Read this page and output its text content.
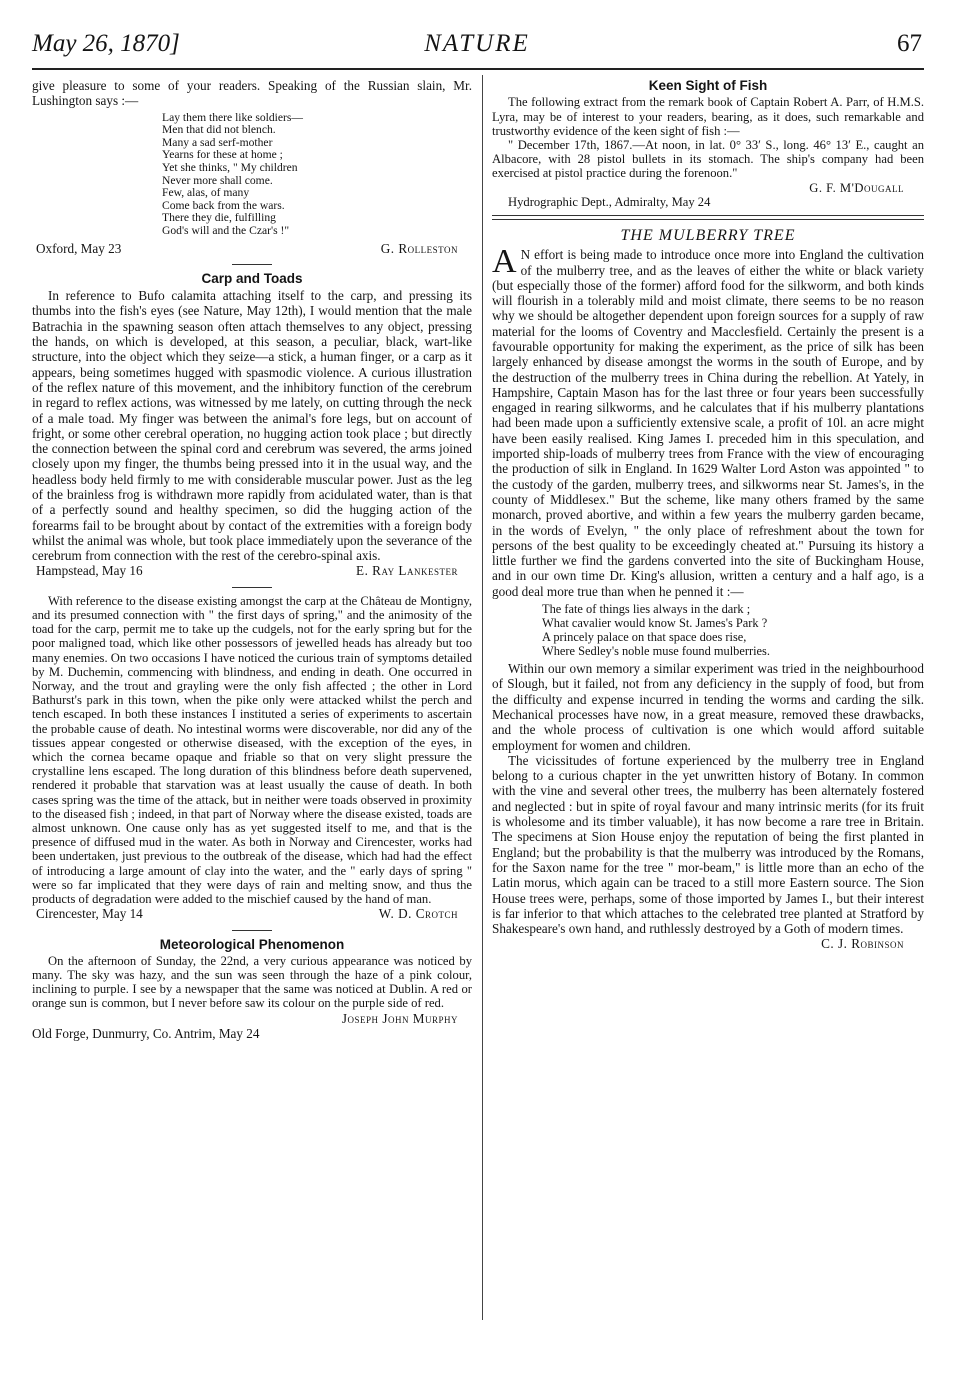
May 26, 1870]	NATURE	67

give pleasure to some of your readers. Speaking of the Russian slain, Mr. Lushington says :—

Lay them there like soldiers—
Men that did not blench.
Many a sad serf-mother
Yearns for these at home ;
Yet she thinks, " My children
Never more shall come.
Few, alas, of many
Come back from the wars.
There they die, fulfilling
God's will and the Czar's !"
Oxford, May 23	G. Rolleston
Carp and Toads

In reference to Bufo calamita attaching itself to the carp, and pressing its thumbs into the fish's eyes (see Nature, May 12th), I would mention that the male Batrachia in the spawning season often attach themselves to any object, pressing the hands, on which is developed, at this season, a peculiar, black, wart-like structure, into the object which they seize—a stick, a human finger, or a carp as it appears, being sometimes hugged with spasmodic violence. A curious illustration of the reflex nature of this movement, and the inhibitory function of the cerebrum in regard to reflex actions, was witnessed by me lately, on cutting through the neck of a male toad. My finger was between the animal's fore legs, but on account of fright, or some other cerebral operation, no hugging action took place ; but directly the connection between the spinal cord and cerebrum was severed, the arms joined closely upon my finger, the thumbs being pressed into it in the usual way, and the headless body held firmly to me with considerable muscular power. Just as the leg of the brainless frog is withdrawn more rapidly from acidulated water, than is that of a perfectly sound and healthy specimen, so did the hugging action of the forearms fail to be brought about by contact of the extremities with a foreign body whilst the animal was whole, but took place immediately upon the severance of the cerebrum from connection with the rest of the cerebro-spinal axis.

Hampstead, May 16	E. Ray Lankester

With reference to the disease existing amongst the carp at the Château de Montigny, and its presumed connection with " the first days of spring," and the animosity of the toad for the carp, permit me to take up the cudgels, not for the early spring but for the poor maligned toad, which like other possessors of jewelled heads has already but too many enemies. On two occasions I have noticed the curious train of symptoms detailed by M. Duchemin, commencing with blindness, and ending in death. One occurred in Norway, and the trout and grayling were the only fish affected ; the other in Lord Bathurst's park in this town, when the pike only were attacked whilst the perch and tench escaped. In both these instances I instituted a series of experiments to ascertain the probable cause of death. No intestinal worms were discoverable, nor did any of the tissues appear congested or otherwise diseased, with the exception of the eyes, in which the cornea became opaque and friable so that on very slight pressure the crystalline lens escaped. The long duration of this blindness before death supervened, rendered it probable that starvation was at least usually the cause of death. In both cases spring was the time of the attack, but in neither were toads observed in proximity to the diseased fish ; indeed, in that part of Norway where the disease existed, toads are almost unknown. One cause only has as yet suggested itself to me, and that is the presence of diffused mud in the water. As both in Norway and Cirencester, works had been undertaken, just previous to the outbreak of the disease, which had had the effect of introducing a large amount of clay into the water, and the " early days of spring " were so far implicated that they were days of rain and melting snow, and thus the products of degradation were added to the mischief caused by the hand of man.

Cirencester, May 14	W. D. Crotch
Meteorological Phenomenon

On the afternoon of Sunday, the 22nd, a very curious appearance was noticed by many. The sky was hazy, and the sun was seen through the haze of a pink colour, inclining to purple. I see by a newspaper that the same was noticed at Dublin. A red or orange sun is common, but I never before saw its colour on the purple side of red.

Joseph John Murphy

Old Forge, Dunmurry, Co. Antrim, May 24

Keen Sight of Fish

The following extract from the remark book of Captain Robert A. Parr, of H.M.S. Lyra, may be of interest to your readers, bearing, as it does, such remarkable and trustworthy evidence of the keen sight of fish :—

" December 17th, 1867.—At noon, in lat. 0° 33′ S., long. 46° 13′ E., caught an Albacore, with 28 pistol bullets in its stomach. The ship's company had been exercised at pistol practice during the forenoon."

G. F. M'Dougall

Hydrographic Dept., Admiralty, May 24

THE MULBERRY TREE

A N effort is being made to introduce once more into England the cultivation of the mulberry tree, and as the leaves of either the white or black variety (but especially those of the former) afford food for the silkworm, and both kinds will flourish in a tolerably mild and moist climate, there seems to be no reason why we should be altogether dependent upon foreign sources for a supply of raw material for the looms of Coventry and Macclesfield. Certainly the present is a favourable opportunity for making the experiment, as the price of silk has been largely enhanced by disease amongst the worms in the south of Europe, and by the destruction of the mulberry trees in China during the rebellion. At Yately, in Hampshire, Captain Mason has for the last three or four years been successfully engaged in rearing silkworms, and he calculates that if his mulberry plantations had been made upon a sufficiently extensive scale, a profit of 10l. an acre might have been easily realised. King James I. preceded him in this speculation, and imported ship-loads of mulberry trees from France with the view of encouraging the production of silk in England. In 1629 Walter Lord Aston was appointed " to the custody of the garden, mulberry trees, and silkworms near St. James's, in the county of Middlesex." But the scheme, like many others framed by the same monarch, proved abortive, and within a few years the mulberry garden became, in the words of Evelyn, " the only place of refreshment about the town for persons of the best quality to be exceedingly cheated at." Pursuing its history a little further we find the gardens converted into the site of Buckingham House, and in our own time Dr. King's allusion, written a century and a half ago, is a good deal more true than when he penned it :—

The fate of things lies always in the dark ;
What cavalier would know St. James's Park ?
A princely palace on that space does rise,
Where Sedley's noble muse found mulberries.

Within our own memory a similar experiment was tried in the neighbourhood of Slough, but it failed, not from any deficiency in the supply of food, but from the difficulty and expense incurred in tending the worms and carding the silk. Mechanical processes have now, in a great measure, removed these drawbacks, and the whole process of cultivation is one which would afford suitable employment for women and children.

The vicissitudes of fortune experienced by the mulberry tree in England belong to a curious chapter in the yet unwritten history of Botany. In common with the vine and several other trees, the mulberry has been alternately fostered and neglected : but in spite of royal favour and many intrinsic merits (for its fruit is wholesome and its timber valuable), it has now become a rare tree in Britain. The specimens at Sion House enjoy the reputation of being the first planted in England; but the probability is that the mulberry was introduced by the Romans, for the Saxon name for the tree " mor-beam," is little more than an echo of the Latin morus, which again can be traced to a still more Eastern source. The Sion House trees were, perhaps, some of those imported by James I., but their interest is far inferior to that which attaches to the celebrated tree planted at Stratford by Shakespeare's own hand, and ruthlessly destroyed by a Goth of modern times.

C. J. Robinson
